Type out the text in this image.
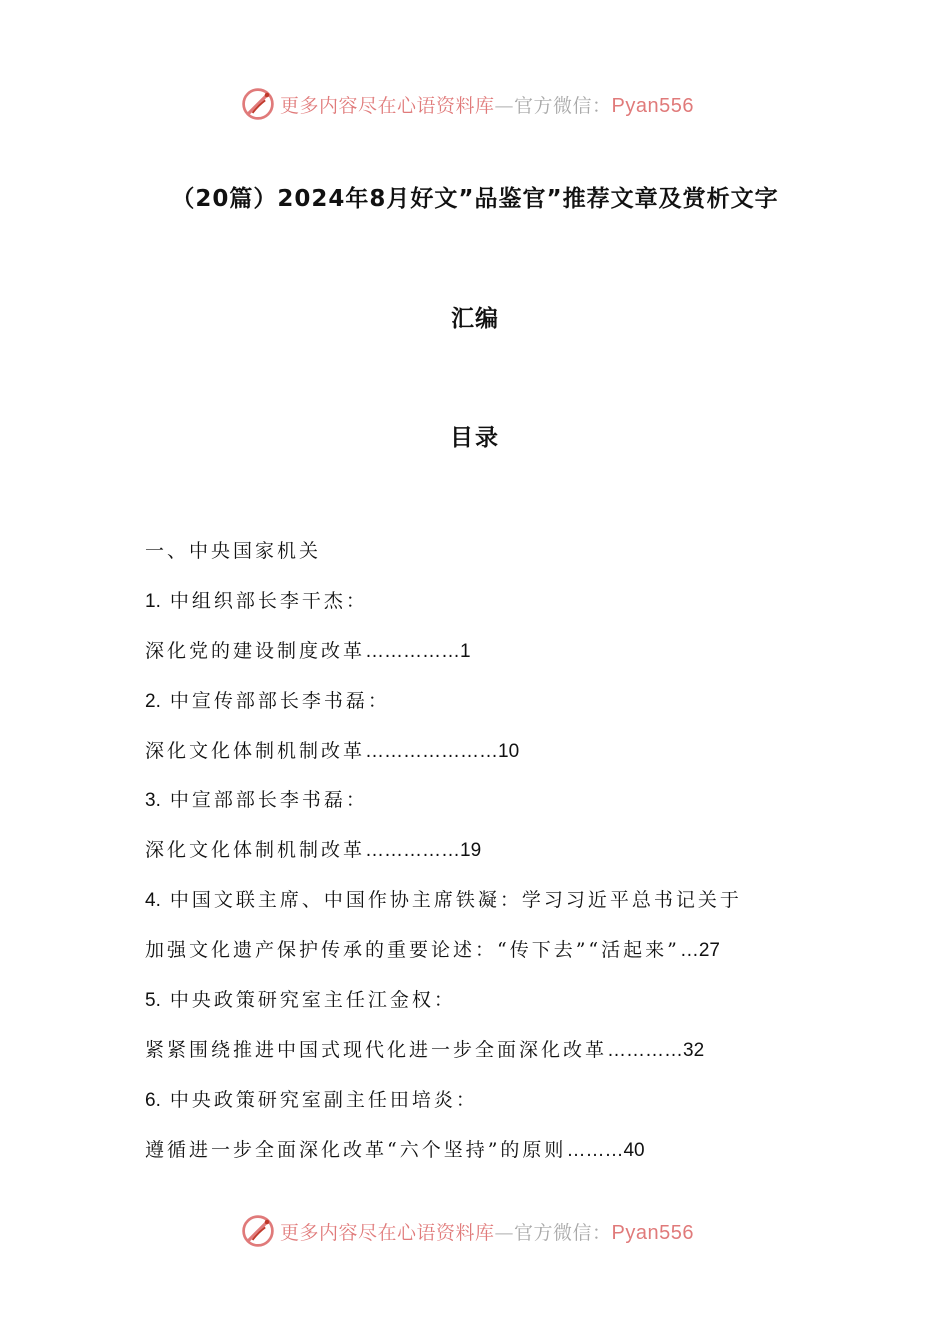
更多内容尽在心语资料库—官方微信：Pyan556
（20篇）2024年8月好文”品鉴官”推荐文章及赏析文字
汇编
目录
一、中央国家机关
1. 中组织部长李干杰：
深化党的建设制度改革……………1
2. 中宣传部部长李书磊：
深化文化体制机制改革…………………10
3. 中宣部部长李书磊：
深化文化体制机制改革……………19
4. 中国文联主席、中国作协主席铁凝：学习习近平总书记关于
加强文化遗产保护传承的重要论述：“传下去”“活起来”…27
5. 中央政策研究室主任江金权：
紧紧围绕推进中国式现代化进一步全面深化改革…………32
6. 中央政策研究室副主任田培炎：
遵循进一步全面深化改革“六个坚持”的原则………40
更多内容尽在心语资料库—官方微信：Pyan556
